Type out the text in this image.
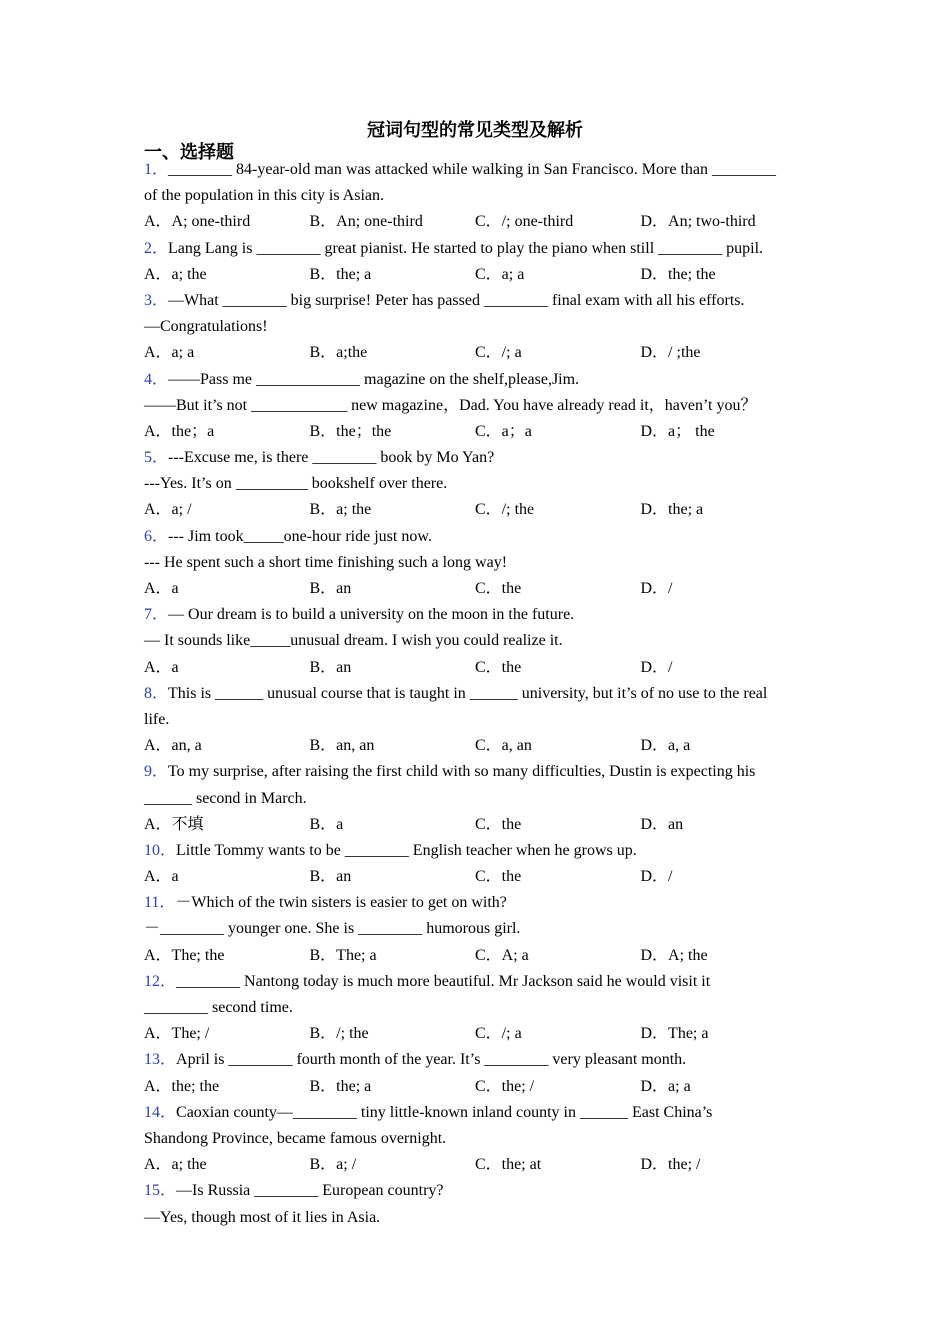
冠词句型的常见类型及解析
一、选择题
1．________ 84-year-old man was attacked while walking in San Francisco. More than ________
of the population in this city is Asian.
A．A; one-third	B．An; one-third	C．/; one-third	D．An; two-third
2．Lang Lang is ________ great pianist. He started to play the piano when still ________ pupil.
A．a; the	B．the; a	C．a; a	D．the; the
3．—What ________ big surprise! Peter has passed ________ final exam with all his efforts.
—Congratulations!
A．a; a	B．a;the	C．/; a	D．/ ;the
4．——Pass me _____________ magazine on the shelf,please,Jim.
——But it’s not ____________ new magazine，Dad. You have already read it，haven’t you？
A．the；a	B．the；the	C．a；a	D．a； the
5．---Excuse me, is there ________ book by Mo Yan?
---Yes. It’s on _________ bookshelf over there.
A．a; /	B．a; the	C．/; the	D．the; a
6．--- Jim took_____one-hour ride just now.
--- He spent such a short time finishing such a long way!
A．a	B．an	C．the	D．/
7．— Our dream is to build a university on the moon in the future.
— It sounds like_____unusual dream. I wish you could realize it.
A．a	B．an	C．the	D．/
8．This is ______ unusual course that is taught in ______ university, but it’s of no use to the real
life.
A．an, a	B．an, an	C．a, an	D．a, a
9．To my surprise, after raising the first child with so many difficulties, Dustin is expecting his
______ second in March.
A．不填	B．a	C．the	D．an
10．Little Tommy wants to be ________ English teacher when he grows up.
A．a	B．an	C．the	D．/
11．－Which of the twin sisters is easier to get on with?
－________ younger one. She is ________ humorous girl.
A．The; the	B．The; a	C．A; a	D．A; the
12．________ Nantong today is much more beautiful. Mr Jackson said he would visit it
________ second time.
A．The; /	B．/; the	C．/; a	D．The; a
13．April is ________ fourth month of the year. It’s ________ very pleasant month.
A．the; the	B．the; a	C．the; /	D．a; a
14．Caoxian county—________ tiny little-known inland county in ______ East China’s
Shandong Province, became famous overnight.
A．a; the	B．a; /	C．the; at	D．the; /
15．—Is Russia ________ European country?
—Yes, though most of it lies in Asia.
